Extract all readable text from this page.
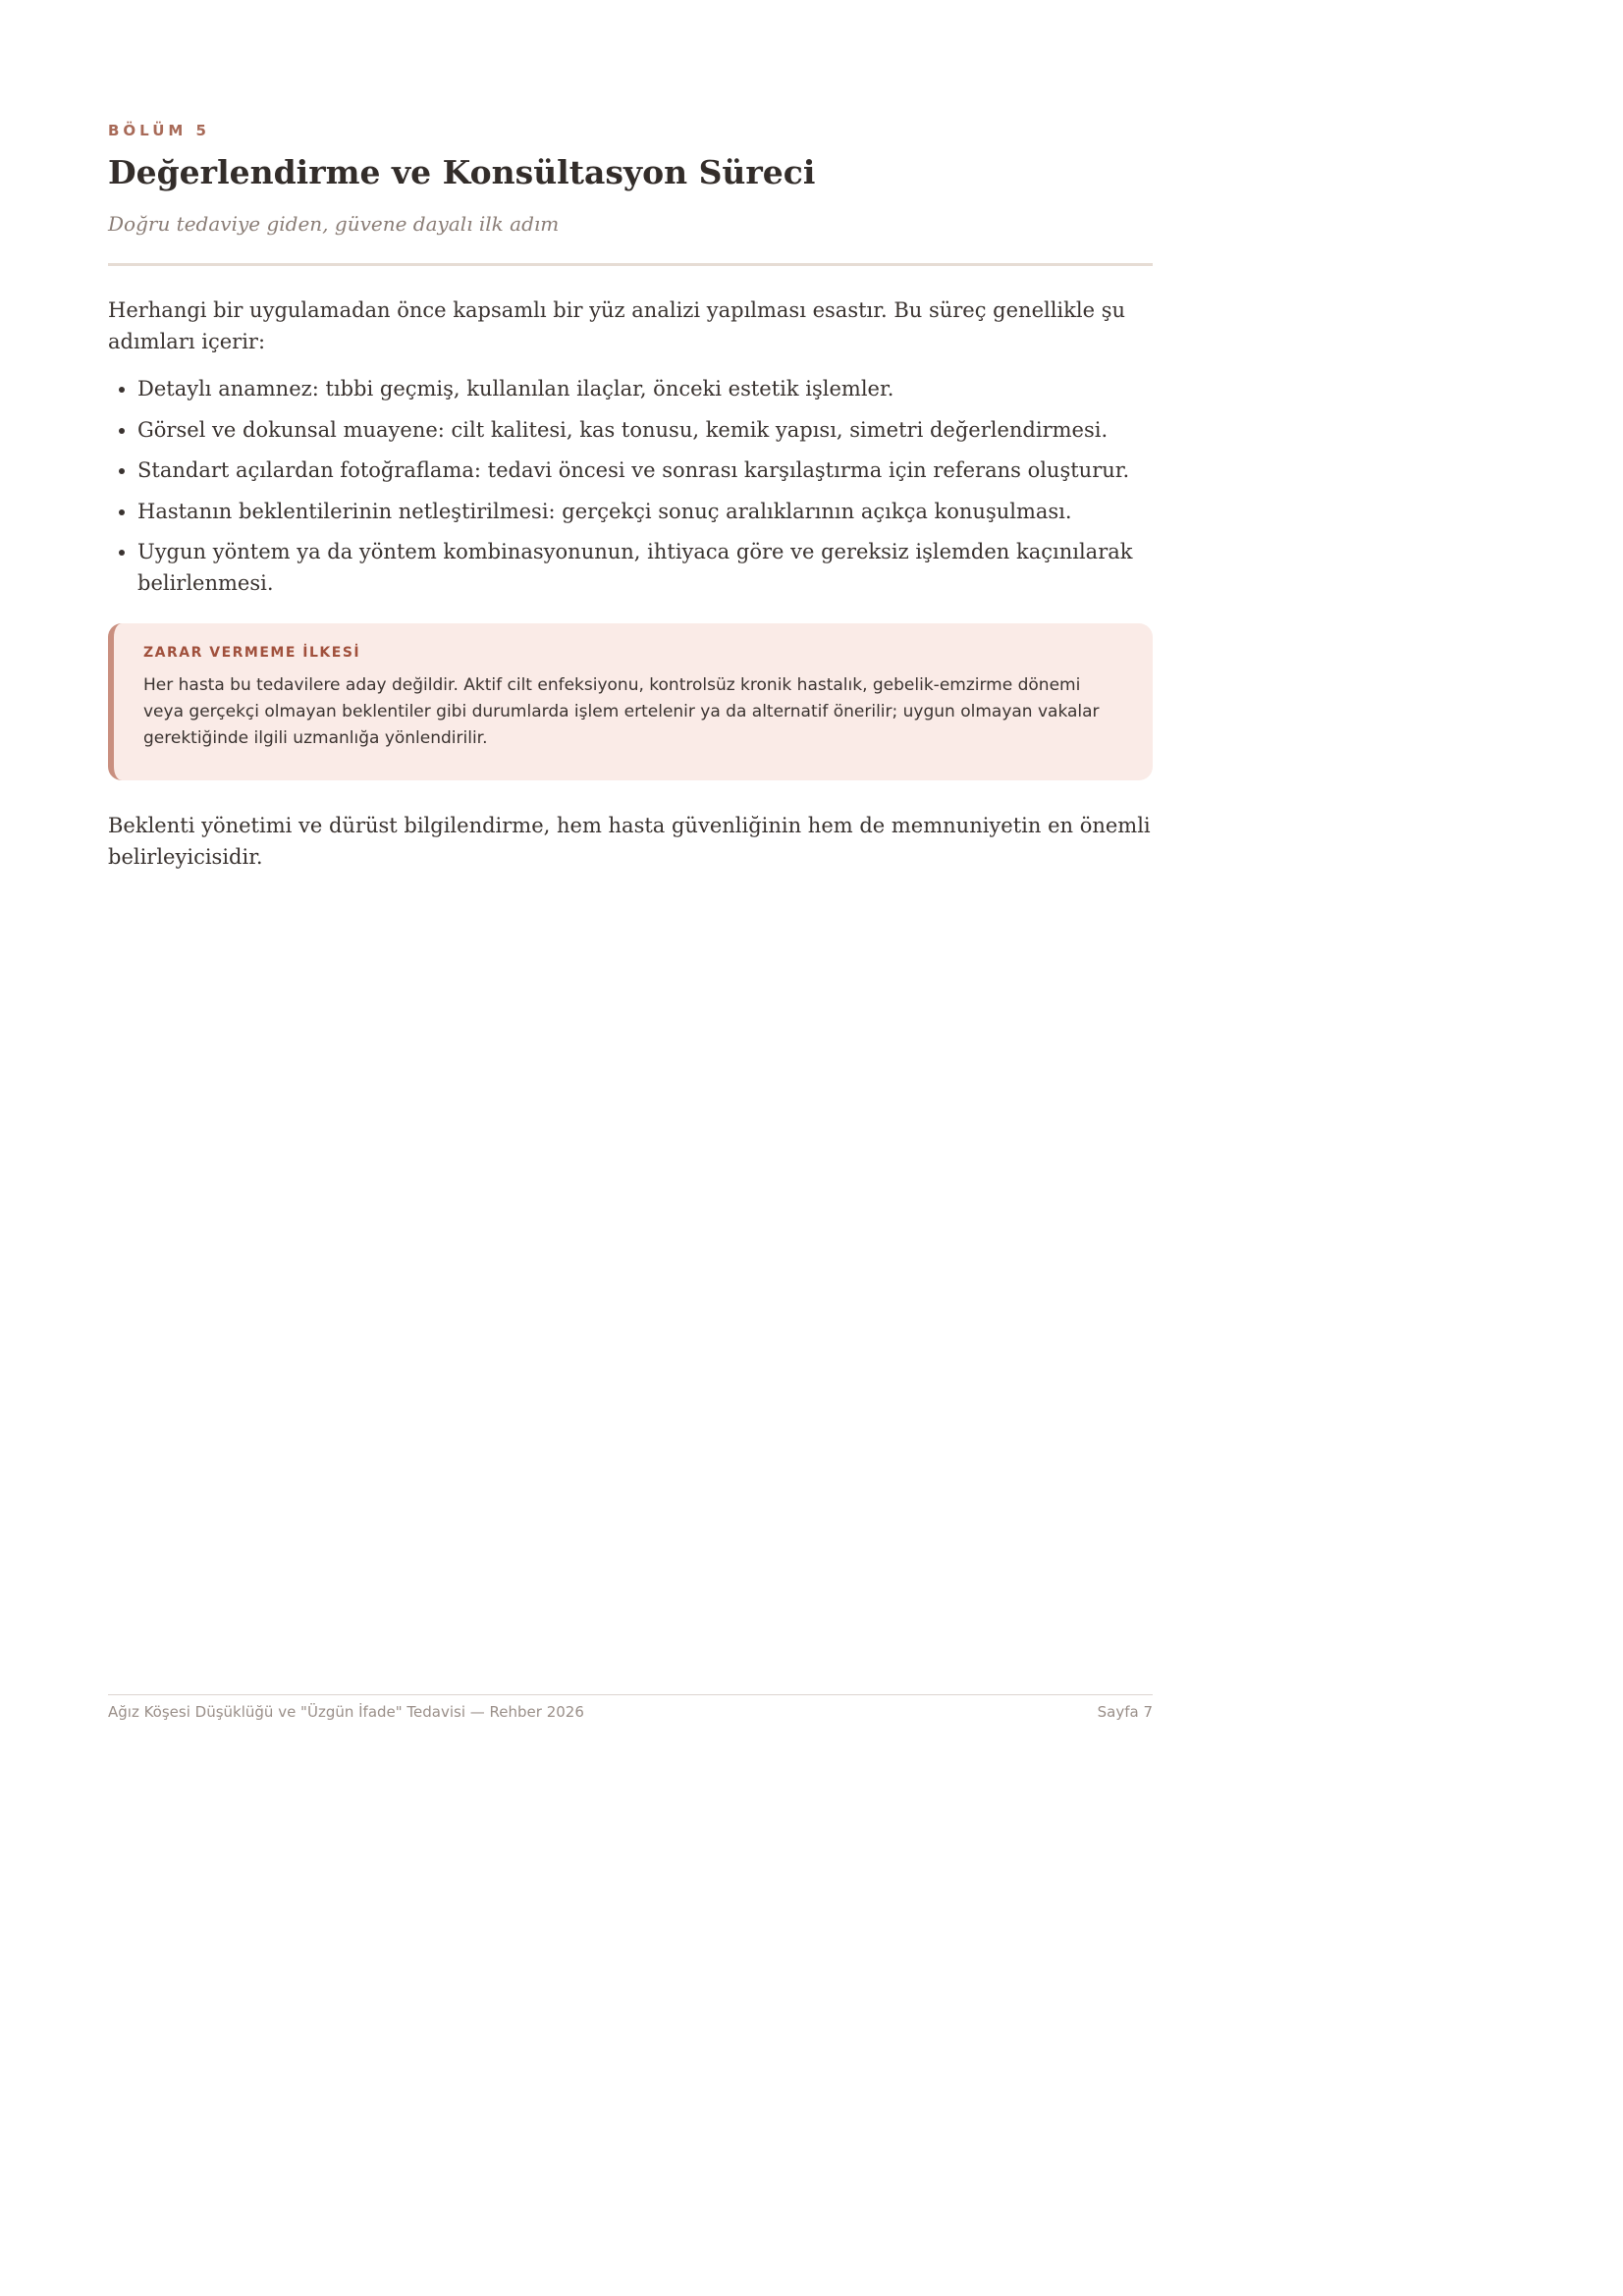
BÖLÜM 5
Değerlendirme ve Konsültasyon Süreci
Doğru tedaviye giden, güvene dayalı ilk adım

Herhangi bir uygulamadan önce kapsamlı bir yüz analizi yapılması esastır. Bu süreç genellikle şu adımları içerir:

• Detaylı anamnez: tıbbi geçmiş, kullanılan ilaçlar, önceki estetik işlemler.
• Görsel ve dokunsal muayene: cilt kalitesi, kas tonusu, kemik yapısı, simetri değerlendirmesi.
• Standart açılardan fotoğraflama: tedavi öncesi ve sonrası karşılaştırma için referans oluşturur.
• Hastanın beklentilerinin netleştirilmesi: gerçekçi sonuç aralıklarının açıkça konuşulması.
• Uygun yöntem ya da yöntem kombinasyonunun, ihtiyaca göre ve gereksiz işlemden kaçınılarak belirlenmesi.
ZARAR VERMEME İLKESİ

Her hasta bu tedavilere aday değildir. Aktif cilt enfeksiyonu, kontrolsüz kronik hastalık, gebelik-emzirme dönemi veya gerçekçi olmayan beklentiler gibi durumlarda işlem ertelenir ya da alternatif önerilir; uygun olmayan vakalar gerektiğinde ilgili uzmanlığa yönlendirilir.

Beklenti yönetimi ve dürüst bilgilendirme, hem hasta güvenliğinin hem de memnuniyetin en önemli belirleyicisidir.

Ağız Köşesi Düşüklüğü ve "Üzgün İfade" Tedavisi — Rehber 2026	Sayfa 7
